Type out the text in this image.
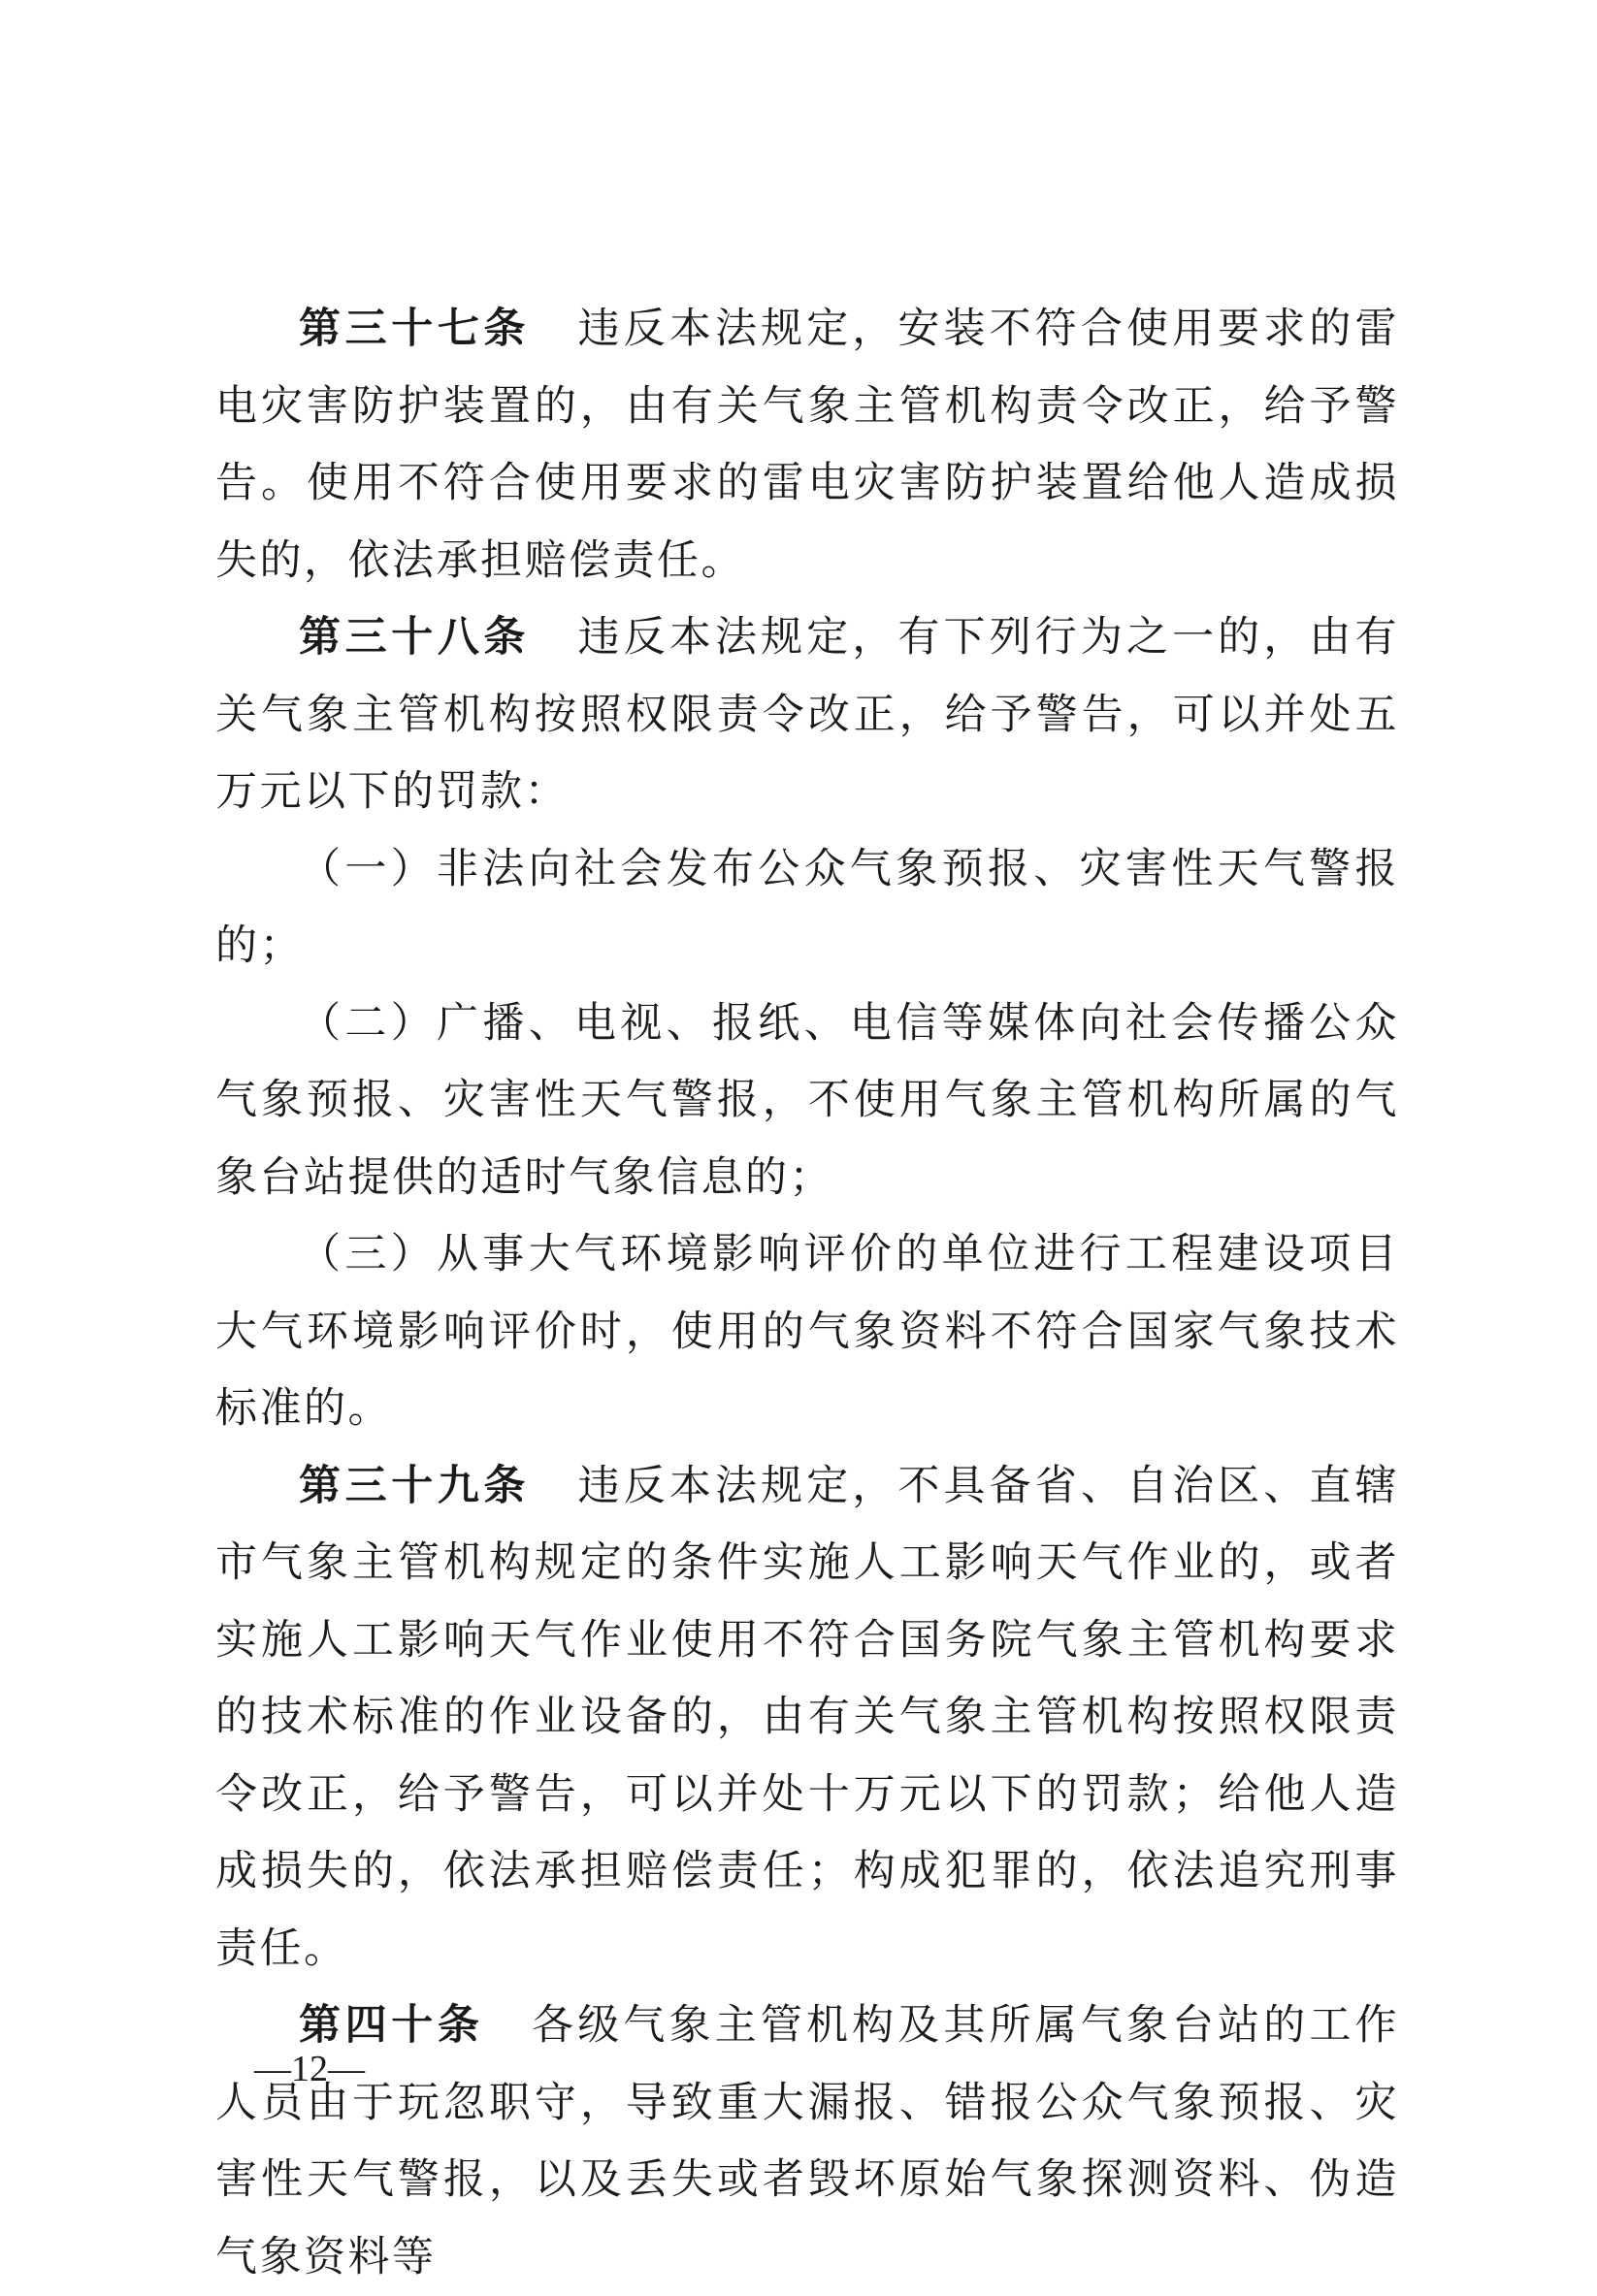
第三十七条 违反本法规定，安装不符合使用要求的雷电灾害防护装置的，由有关气象主管机构责令改正，给予警告。使用不符合使用要求的雷电灾害防护装置给他人造成损失的，依法承担赔偿责任。

第三十八条 违反本法规定，有下列行为之一的，由有关气象主管机构按照权限责令改正，给予警告，可以并处五万元以下的罚款：

（一）非法向社会发布公众气象预报、灾害性天气警报的；

（二）广播、电视、报纸、电信等媒体向社会传播公众气象预报、灾害性天气警报，不使用气象主管机构所属的气象台站提供的适时气象信息的；

（三）从事大气环境影响评价的单位进行工程建设项目大气环境影响评价时，使用的气象资料不符合国家气象技术标准的。

第三十九条 违反本法规定，不具备省、自治区、直辖市气象主管机构规定的条件实施人工影响天气作业的，或者实施人工影响天气作业使用不符合国务院气象主管机构要求的技术标准的作业设备的，由有关气象主管机构按照权限责令改正，给予警告，可以并处十万元以下的罚款；给他人造成损失的，依法承担赔偿责任；构成犯罪的，依法追究刑事责任。

第四十条 各级气象主管机构及其所属气象台站的工作人员由于玩忽职守，导致重大漏报、错报公众气象预报、灾害性天气警报，以及丢失或者毁坏原始气象探测资料、伪造气象资料等

—12—
